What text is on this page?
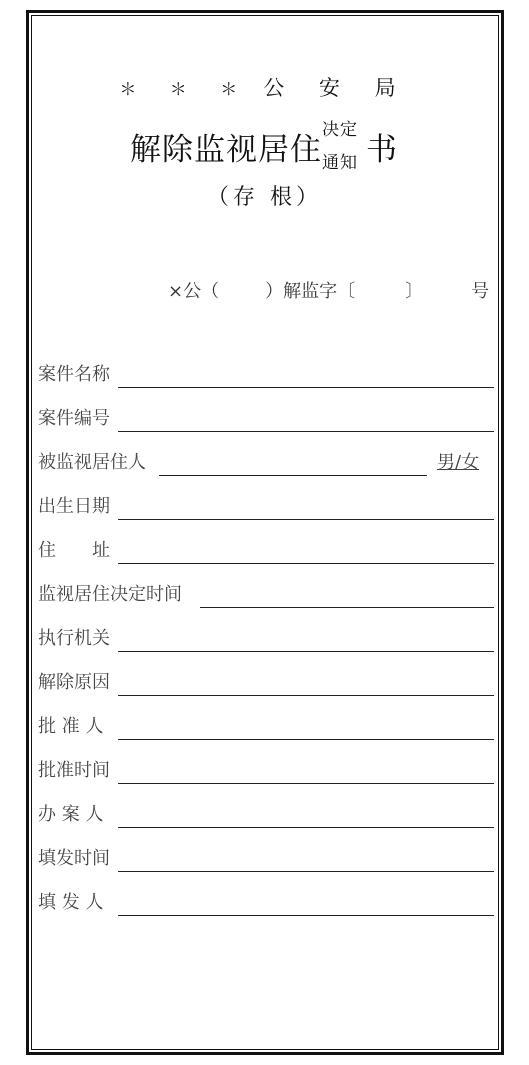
＊ ＊ ＊ 公 安 局
解除监视居住
决定
通知 书
（存 根）
×公（	）解监字〔	〕	号
案件名称
案件编号
被监视居住人	男/女
出生日期
住　　址
监视居住决定时间
执行机关
解除原因
批 准 人
批准时间
办 案 人
填发时间
填 发 人
